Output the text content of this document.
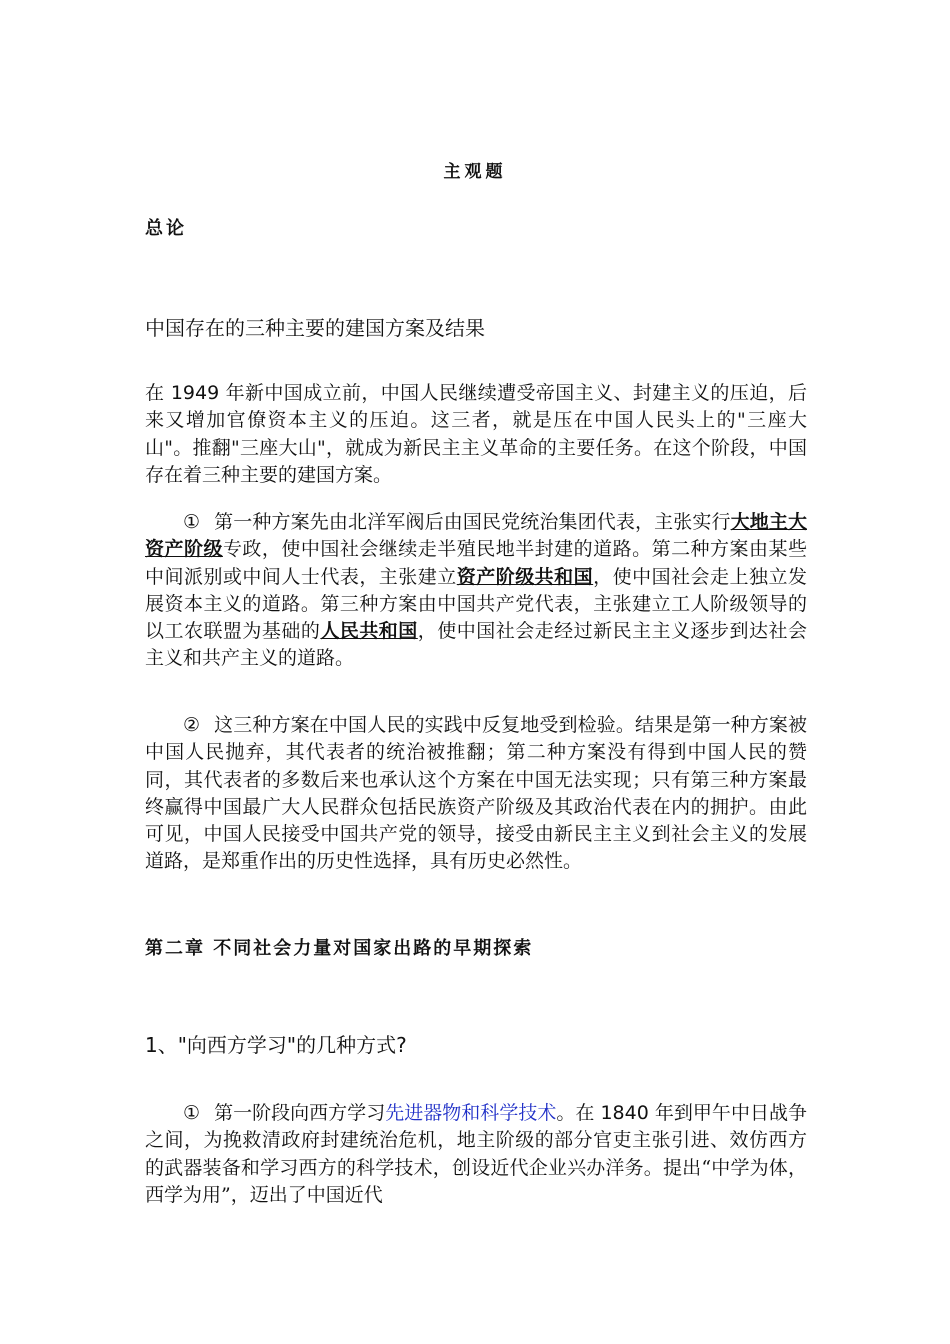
主观题
总论
中国存在的三种主要的建国方案及结果

在 1949 年新中国成立前，中国人民继续遭受帝国主义、封建主义的压迫，后来又增加官僚资本主义的压迫。这三者，就是压在中国人民头上的"三座大山"。推翻"三座大山"，就成为新民主主义革命的主要任务。在这个阶段，中国存在着三种主要的建国方案。

① 第一种方案先由北洋军阀后由国民党统治集团代表，主张实行大地主大资产阶级专政，使中国社会继续走半殖民地半封建的道路。第二种方案由某些中间派别或中间人士代表，主张建立资产阶级共和国，使中国社会走上独立发展资本主义的道路。第三种方案由中国共产党代表，主张建立工人阶级领导的以工农联盟为基础的人民共和国，使中国社会走经过新民主主义逐步到达社会主义和共产主义的道路。

② 这三种方案在中国人民的实践中反复地受到检验。结果是第一种方案被中国人民抛弃，其代表者的统治被推翻；第二种方案没有得到中国人民的赞同，其代表者的多数后来也承认这个方案在中国无法实现；只有第三种方案最终赢得中国最广大人民群众包括民族资产阶级及其政治代表在内的拥护。由此可见，中国人民接受中国共产党的领导，接受由新民主主义到社会主义的发展道路，是郑重作出的历史性选择，具有历史必然性。

第二章 不同社会力量对国家出路的早期探索
1、"向西方学习"的几种方式?

① 第一阶段向西方学习先进器物和科学技术。在 1840 年到甲午中日战争之间，为挽救清政府封建统治危机，地主阶级的部分官吏主张引进、效仿西方的武器装备和学习西方的科学技术，创设近代企业兴办洋务。提出“中学为体，西学为用”，迈出了中国近代
